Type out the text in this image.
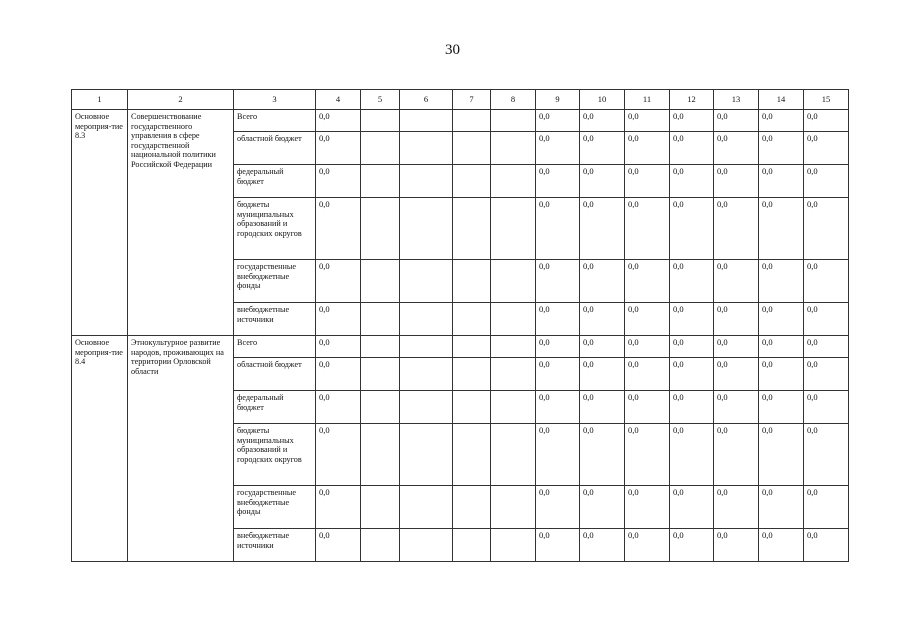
30
1	2	3	4	5	6	7	8	9	10	11	12	13	14	15
Основное мероприя-тие 8.3	Совершенствование государственного управления в сфере государственной национальной политики Российской Федерации	Всего	0,0					0,0	0,0	0,0	0,0	0,0	0,0	0,0
		областной бюджет	0,0					0,0	0,0	0,0	0,0	0,0	0,0	0,0
		федеральный бюджет	0,0					0,0	0,0	0,0	0,0	0,0	0,0	0,0
		бюджеты муниципальных образований и городских округов	0,0					0,0	0,0	0,0	0,0	0,0	0,0	0,0
		государственные внебюджетные фонды	0,0					0,0	0,0	0,0	0,0	0,0	0,0	0,0
		внебюджетные источники	0,0					0,0	0,0	0,0	0,0	0,0	0,0	0,0
Основное мероприя-тие 8.4	Этнокультурное развитие народов, проживающих на территории Орловской области	Всего	0,0					0,0	0,0	0,0	0,0	0,0	0,0	0,0
		областной бюджет	0,0					0,0	0,0	0,0	0,0	0,0	0,0	0,0
		федеральный бюджет	0,0					0,0	0,0	0,0	0,0	0,0	0,0	0,0
		бюджеты муниципальных образований и городских округов	0,0					0,0	0,0	0,0	0,0	0,0	0,0	0,0
		государственные внебюджетные фонды	0,0					0,0	0,0	0,0	0,0	0,0	0,0	0,0
		внебюджетные источники	0,0					0,0	0,0	0,0	0,0	0,0	0,0	0,0
